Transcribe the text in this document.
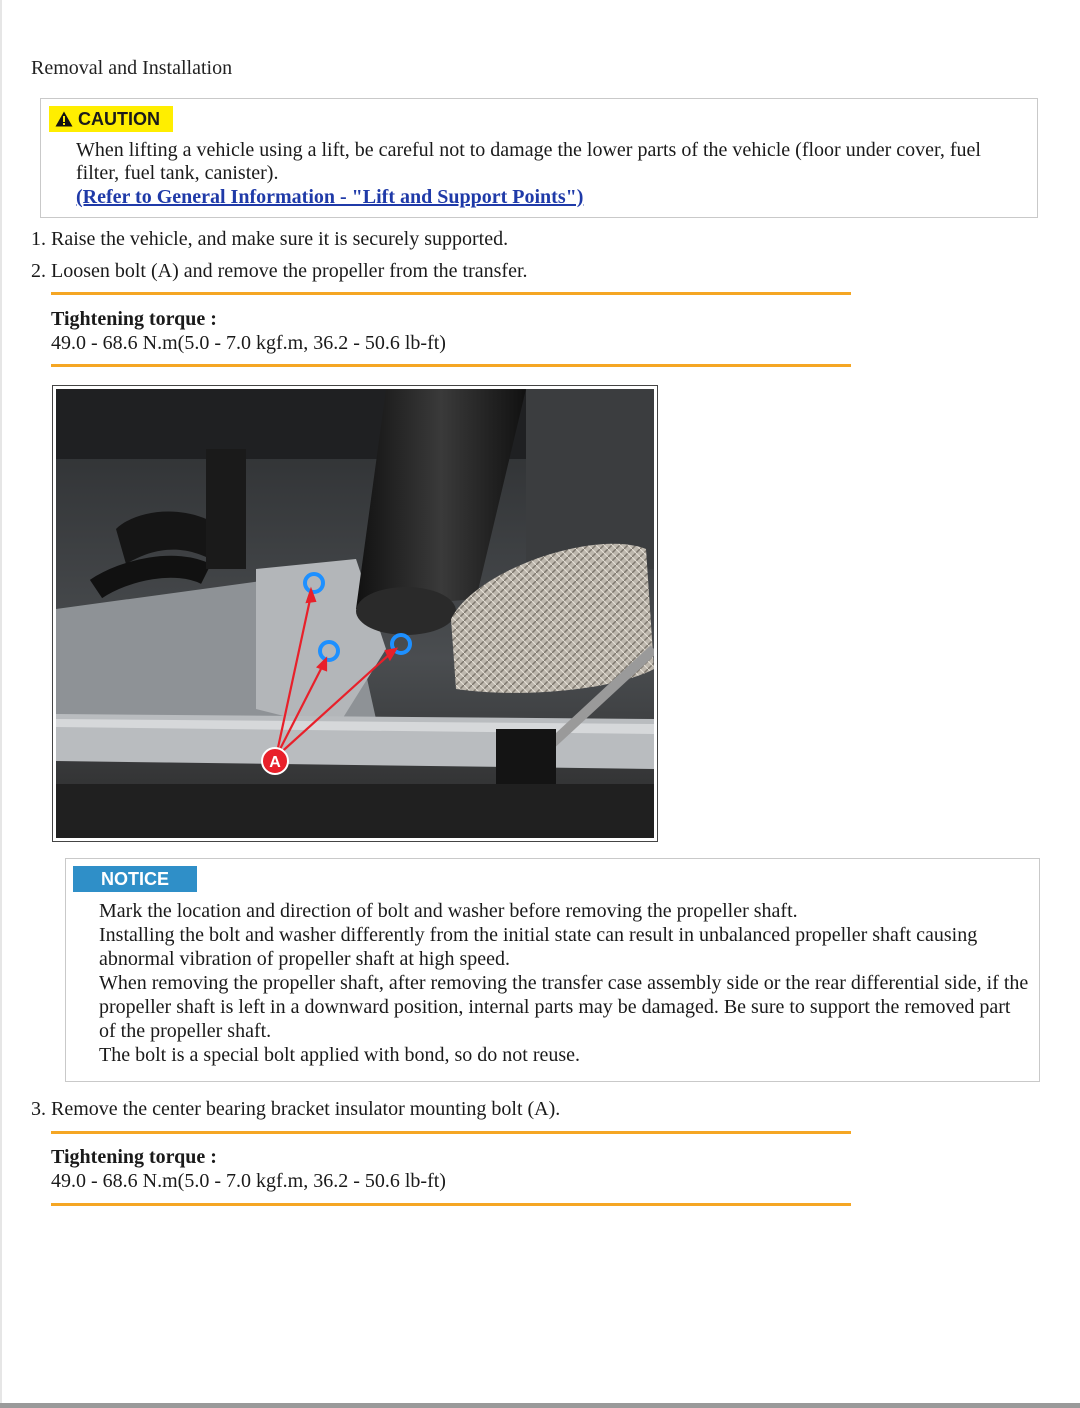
Removal and Installation
CAUTION
When lifting a vehicle using a lift, be careful not to damage the lower parts of the vehicle (floor under cover, fuel filter, fuel tank, canister).
(Refer to General Information - "Lift and Support Points")
1. Raise the vehicle, and make sure it is securely supported.
2. Loosen bolt (A) and remove the propeller from the transfer.
Tightening torque :
49.0 - 68.6 N.m(5.0 - 7.0 kgf.m, 36.2 - 50.6 lb-ft)
A
NOTICE

Mark the location and direction of bolt and washer before removing the propeller shaft.

Installing the bolt and washer differently from the initial state can result in unbalanced propeller shaft causing abnormal vibration of propeller shaft at high speed.

When removing the propeller shaft, after removing the transfer case assembly side or the rear differential side, if the propeller shaft is left in a downward position, internal parts may be damaged. Be sure to support the removed part of the propeller shaft.

The bolt is a special bolt applied with bond, so do not reuse.

3. Remove the center bearing bracket insulator mounting bolt (A).
Tightening torque :
49.0 - 68.6 N.m(5.0 - 7.0 kgf.m, 36.2 - 50.6 lb-ft)
